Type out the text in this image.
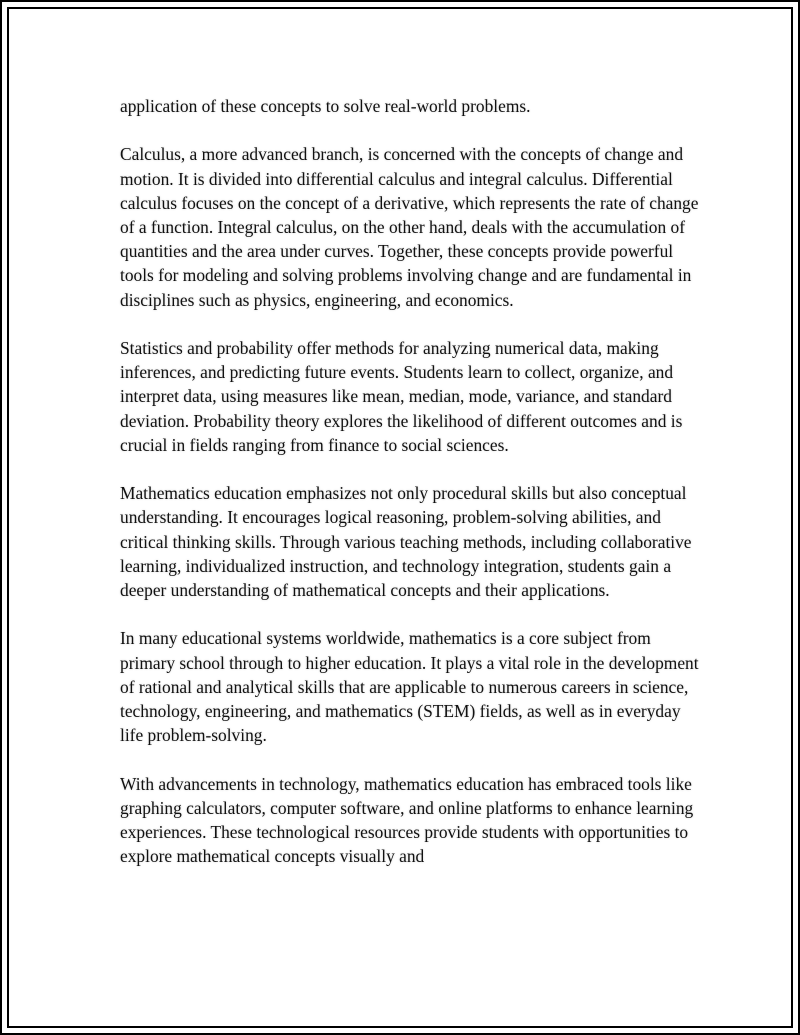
application of these concepts to solve real-world problems.

Calculus, a more advanced branch, is concerned with the concepts of change and motion. It is divided into differential calculus and integral calculus. Differential calculus focuses on the concept of a derivative, which represents the rate of change of a function. Integral calculus, on the other hand, deals with the accumulation of quantities and the area under curves. Together, these concepts provide powerful tools for modeling and solving problems involving change and are fundamental in disciplines such as physics, engineering, and economics.

Statistics and probability offer methods for analyzing numerical data, making inferences, and predicting future events. Students learn to collect, organize, and interpret data, using measures like mean, median, mode, variance, and standard deviation. Probability theory explores the likelihood of different outcomes and is crucial in fields ranging from finance to social sciences.

Mathematics education emphasizes not only procedural skills but also conceptual understanding. It encourages logical reasoning, problem-solving abilities, and critical thinking skills. Through various teaching methods, including collaborative learning, individualized instruction, and technology integration, students gain a deeper understanding of mathematical concepts and their applications.

In many educational systems worldwide, mathematics is a core subject from primary school through to higher education. It plays a vital role in the development of rational and analytical skills that are applicable to numerous careers in science, technology, engineering, and mathematics (STEM) fields, as well as in everyday life problem-solving.

With advancements in technology, mathematics education has embraced tools like graphing calculators, computer software, and online platforms to enhance learning experiences. These technological resources provide students with opportunities to explore mathematical concepts visually and
